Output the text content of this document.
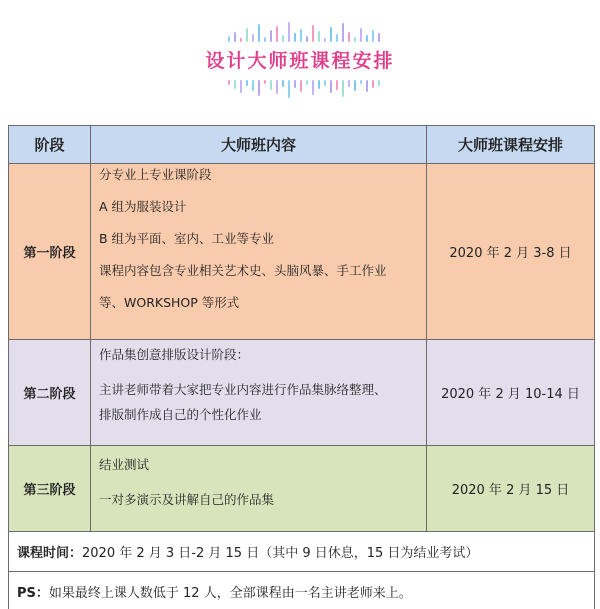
设计大师班课程安排
阶段	大师班内容	大师班课程安排
第一阶段	分专业上专业课阶段
A 组为服装设计
B 组为平面、室内、工业等专业
课程内容包含专业相关艺术史、头脑风暴、手工作业
等、WORKSHOP 等形式	2020 年 2 月 3-8 日
第二阶段	作品集创意排版设计阶段：
主讲老师带着大家把专业内容进行作品集脉络整理、
排版制作成自己的个性化作业	2020 年 2 月 10-14 日
第三阶段	结业测试
一对多演示及讲解自己的作品集	2020 年 2 月 15 日
课程时间：2020 年 2 月 3 日-2 月 15 日（其中 9 日休息，15 日为结业考试）		
PS：如果最终上课人数低于 12 人，全部课程由一名主讲老师来上。		
